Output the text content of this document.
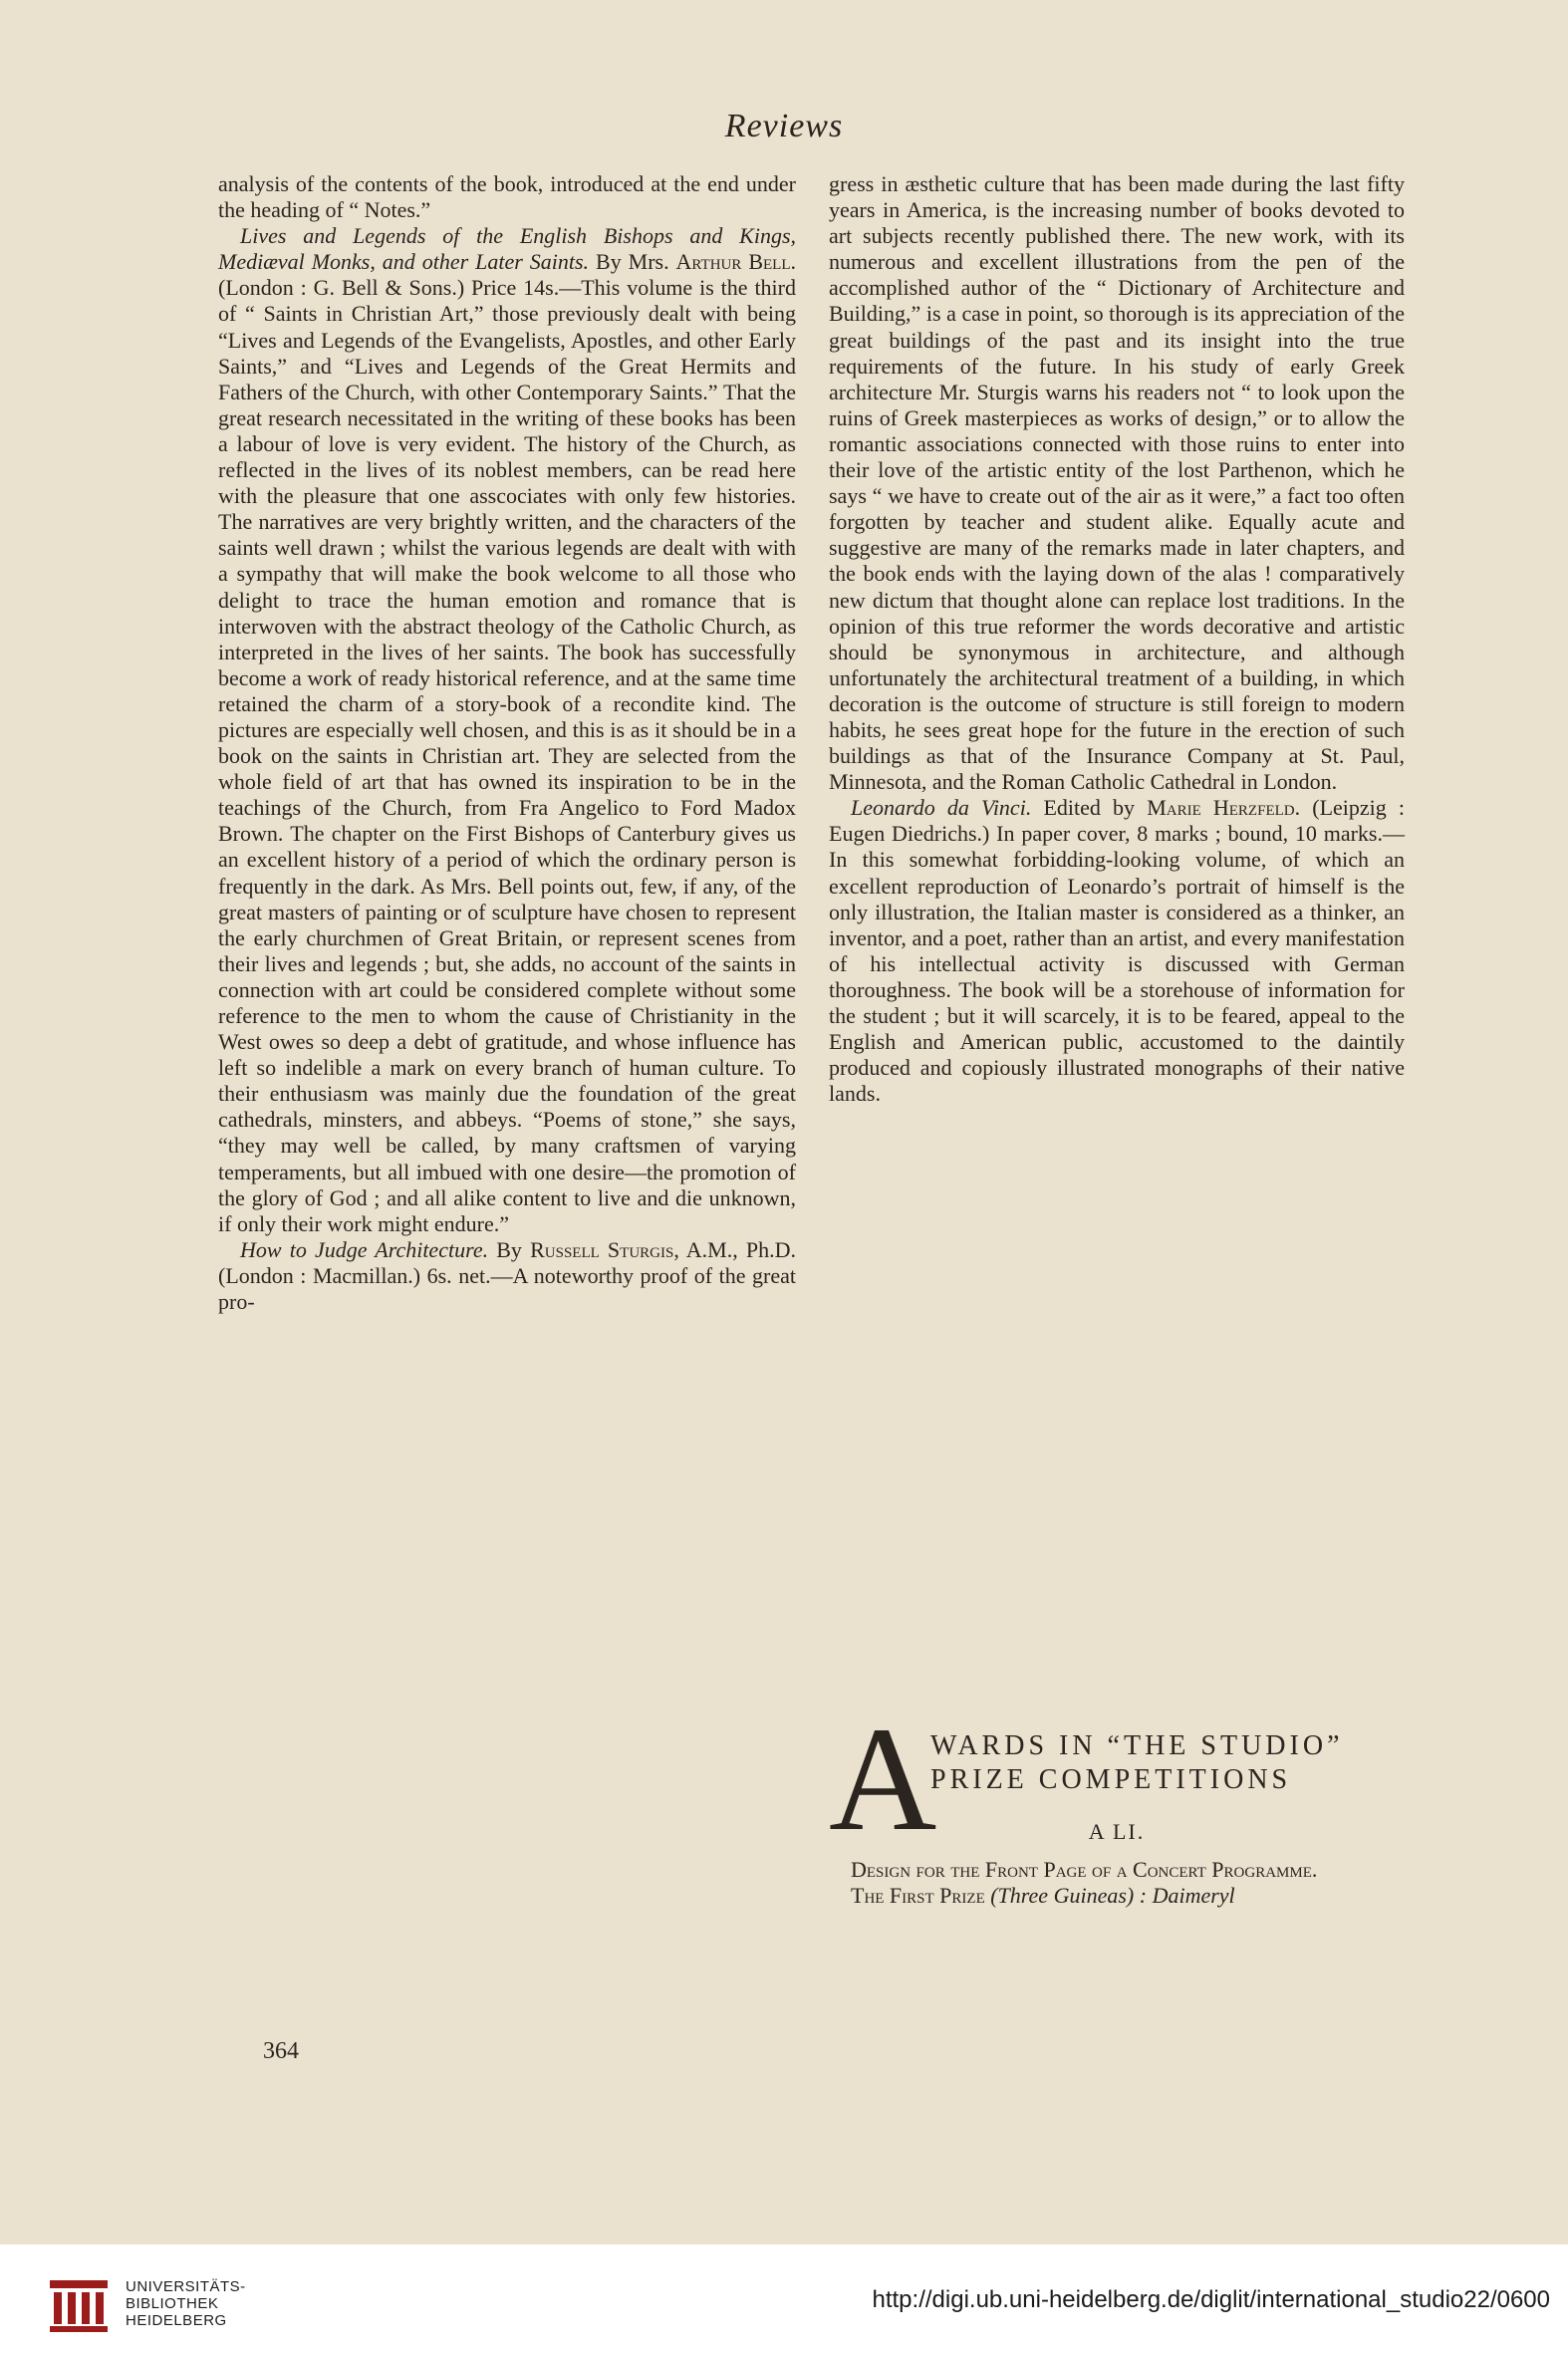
Reviews

analysis of the contents of the book, introduced at the end under the heading of “ Notes.”

Lives and Legends of the English Bishops and Kings, Mediæval Monks, and other Later Saints. By Mrs. Arthur Bell. (London : G. Bell & Sons.) Price 14s.—This volume is the third of “ Saints in Christian Art,” those previously dealt with being “Lives and Legends of the Evangelists, Apostles, and other Early Saints,” and “Lives and Legends of the Great Hermits and Fathers of the Church, with other Contemporary Saints.” That the great research necessitated in the writing of these books has been a labour of love is very evident. The history of the Church, as reflected in the lives of its noblest members, can be read here with the pleasure that one asscociates with only few histories. The narratives are very brightly written, and the characters of the saints well drawn ; whilst the various legends are dealt with with a sympathy that will make the book welcome to all those who delight to trace the human emotion and romance that is interwoven with the abstract theology of the Catholic Church, as interpreted in the lives of her saints. The book has successfully become a work of ready historical reference, and at the same time retained the charm of a story-book of a recondite kind. The pictures are especially well chosen, and this is as it should be in a book on the saints in Christian art. They are selected from the whole field of art that has owned its inspiration to be in the teachings of the Church, from Fra Angelico to Ford Madox Brown. The chapter on the First Bishops of Canterbury gives us an excellent history of a period of which the ordinary person is frequently in the dark. As Mrs. Bell points out, few, if any, of the great masters of painting or of sculpture have chosen to represent the early churchmen of Great Britain, or represent scenes from their lives and legends ; but, she adds, no account of the saints in connection with art could be considered complete without some reference to the men to whom the cause of Christianity in the West owes so deep a debt of gratitude, and whose influence has left so indelible a mark on every branch of human culture. To their enthusiasm was mainly due the foundation of the great cathedrals, minsters, and abbeys. “Poems of stone,” she says, “they may well be called, by many craftsmen of varying temperaments, but all imbued with one desire—the promotion of the glory of God ; and all alike content to live and die unknown, if only their work might endure.”

How to Judge Architecture. By Russell Sturgis, A.M., Ph.D. (London : Macmillan.) 6s. net.—A noteworthy proof of the great pro-

364

gress in æsthetic culture that has been made during the last fifty years in America, is the increasing number of books devoted to art subjects recently published there. The new work, with its numerous and excellent illustrations from the pen of the accomplished author of the “ Dictionary of Architecture and Building,” is a case in point, so thorough is its appreciation of the great buildings of the past and its insight into the true requirements of the future. In his study of early Greek architecture Mr. Sturgis warns his readers not “ to look upon the ruins of Greek masterpieces as works of design,” or to allow the romantic associations connected with those ruins to enter into their love of the artistic entity of the lost Parthenon, which he says “ we have to create out of the air as it were,” a fact too often forgotten by teacher and student alike. Equally acute and suggestive are many of the remarks made in later chapters, and the book ends with the laying down of the alas ! comparatively new dictum that thought alone can replace lost traditions. In the opinion of this true reformer the words decorative and artistic should be synonymous in architecture, and although unfortunately the architectural treatment of a building, in which decoration is the outcome of structure is still foreign to modern habits, he sees great hope for the future in the erection of such buildings as that of the Insurance Company at St. Paul, Minnesota, and the Roman Catholic Cathedral in London.

Leonardo da Vinci. Edited by Marie Herzfeld. (Leipzig : Eugen Diedrichs.) In paper cover, 8 marks ; bound, 10 marks.—In this somewhat forbidding-looking volume, of which an excellent reproduction of Leonardo’s portrait of himself is the only illustration, the Italian master is considered as a thinker, an inventor, and a poet, rather than an artist, and every manifestation of his intellectual activity is discussed with German thoroughness. The book will be a storehouse of information for the student ; but it will scarcely, it is to be feared, appeal to the English and American public, accustomed to the daintily produced and copiously illustrated monographs of their native lands.

A
WARDS IN “THE STUDIO”
PRIZE COMPETITIONS
A LI.

Design for the Front Page of a Concert Programme.

The First Prize (Three Guineas) : Daimeryl

UNIVERSITÄTS-
BIBLIOTHEK
HEIDELBERG
http://digi.ub.uni-heidelberg.de/diglit/international_studio22/0600
